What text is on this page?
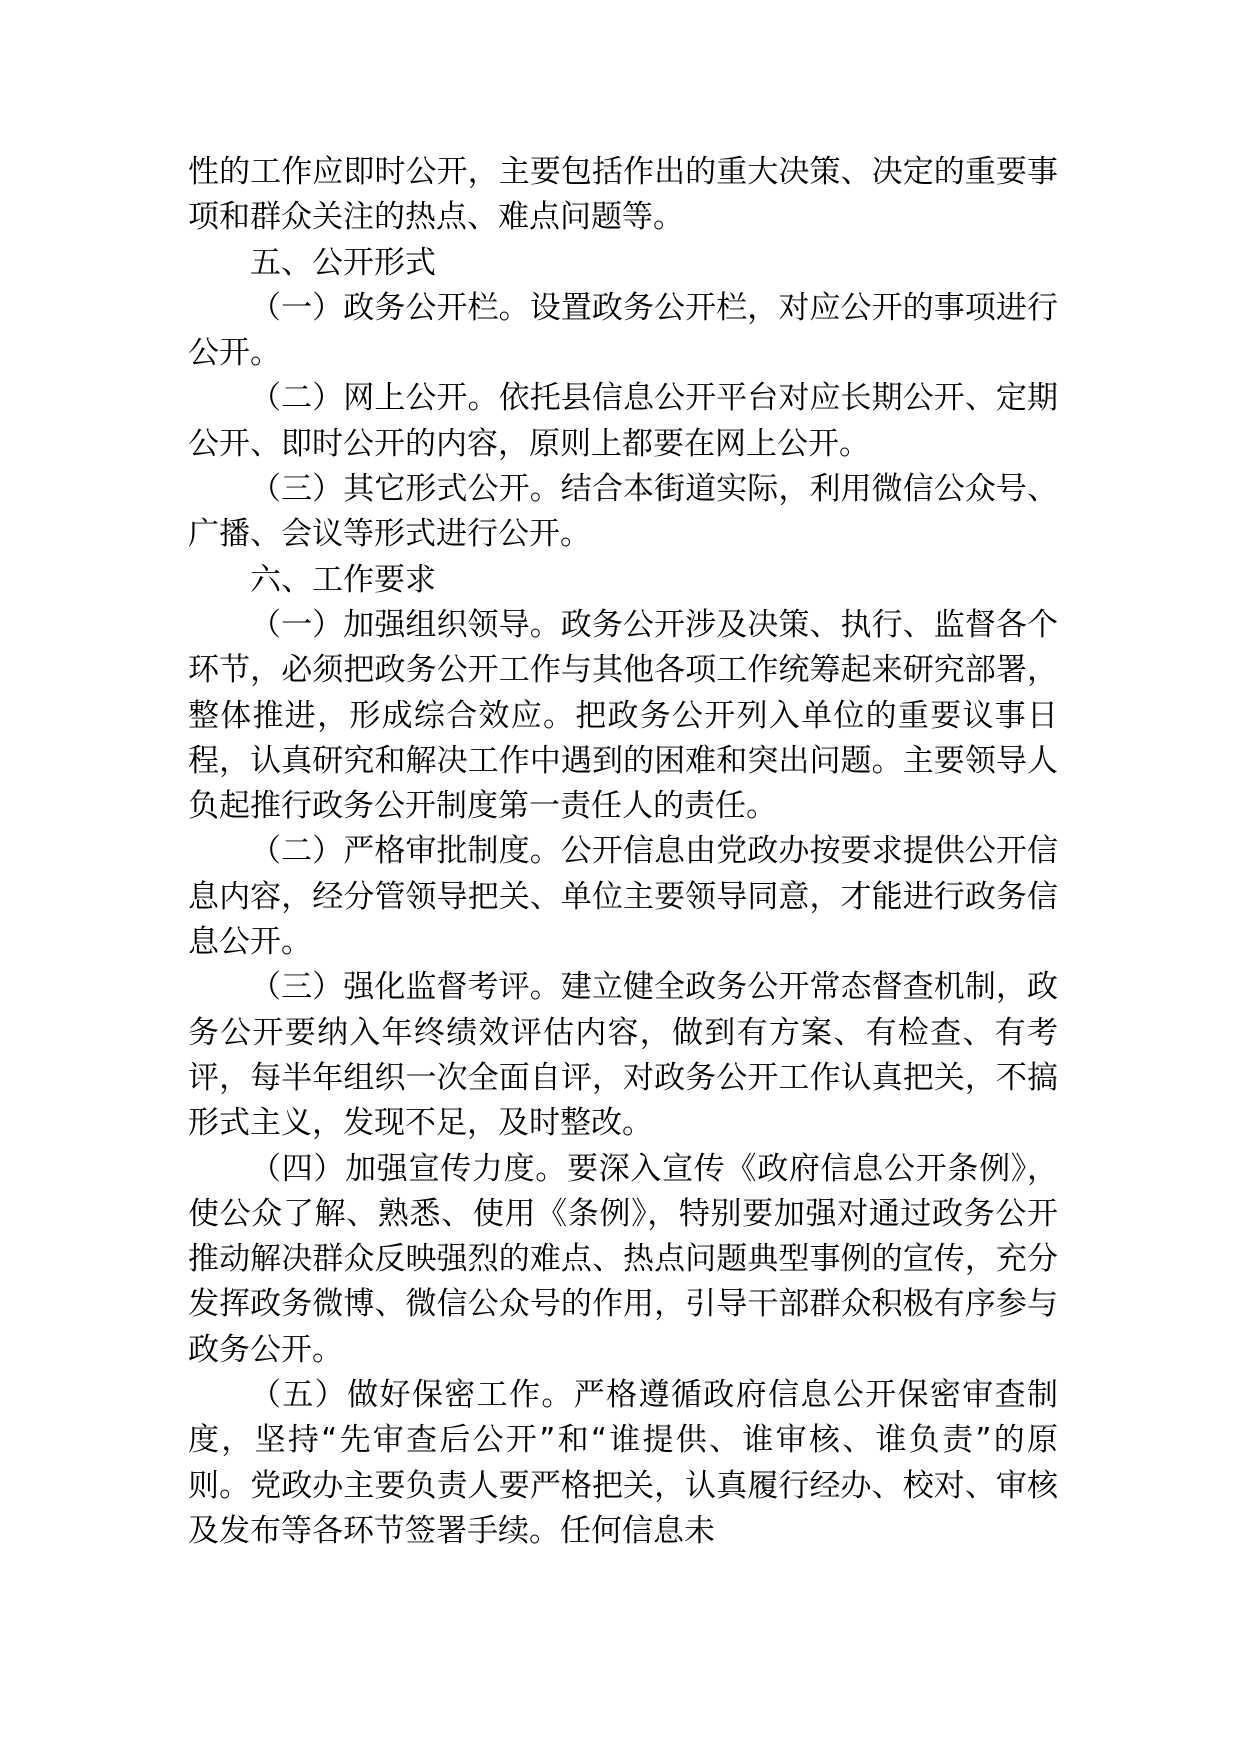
性的工作应即时公开，主要包括作出的重大决策、决定的重要事项和群众关注的热点、难点问题等。

五、公开形式

（一）政务公开栏。设置政务公开栏，对应公开的事项进行公开。

（二）网上公开。依托县信息公开平台对应长期公开、定期公开、即时公开的内容，原则上都要在网上公开。

（三）其它形式公开。结合本街道实际，利用微信公众号、广播、会议等形式进行公开。

六、工作要求

（一）加强组织领导。政务公开涉及决策、执行、监督各个环节，必须把政务公开工作与其他各项工作统筹起来研究部署，整体推进，形成综合效应。把政务公开列入单位的重要议事日程，认真研究和解决工作中遇到的困难和突出问题。主要领导人负起推行政务公开制度第一责任人的责任。

（二）严格审批制度。公开信息由党政办按要求提供公开信息内容，经分管领导把关、单位主要领导同意，才能进行政务信息公开。

（三）强化监督考评。建立健全政务公开常态督查机制，政务公开要纳入年终绩效评估内容，做到有方案、有检查、有考评，每半年组织一次全面自评，对政务公开工作认真把关，不搞形式主义，发现不足，及时整改。

（四）加强宣传力度。要深入宣传《政府信息公开条例》，使公众了解、熟悉、使用《条例》，特别要加强对通过政务公开推动解决群众反映强烈的难点、热点问题典型事例的宣传，充分发挥政务微博、微信公众号的作用，引导干部群众积极有序参与政务公开。

（五）做好保密工作。严格遵循政府信息公开保密审查制度，坚持“先审查后公开”和“谁提供、谁审核、谁负责”的原则。党政办主要负责人要严格把关，认真履行经办、校对、审核及发布等各环节签署手续。任何信息未
